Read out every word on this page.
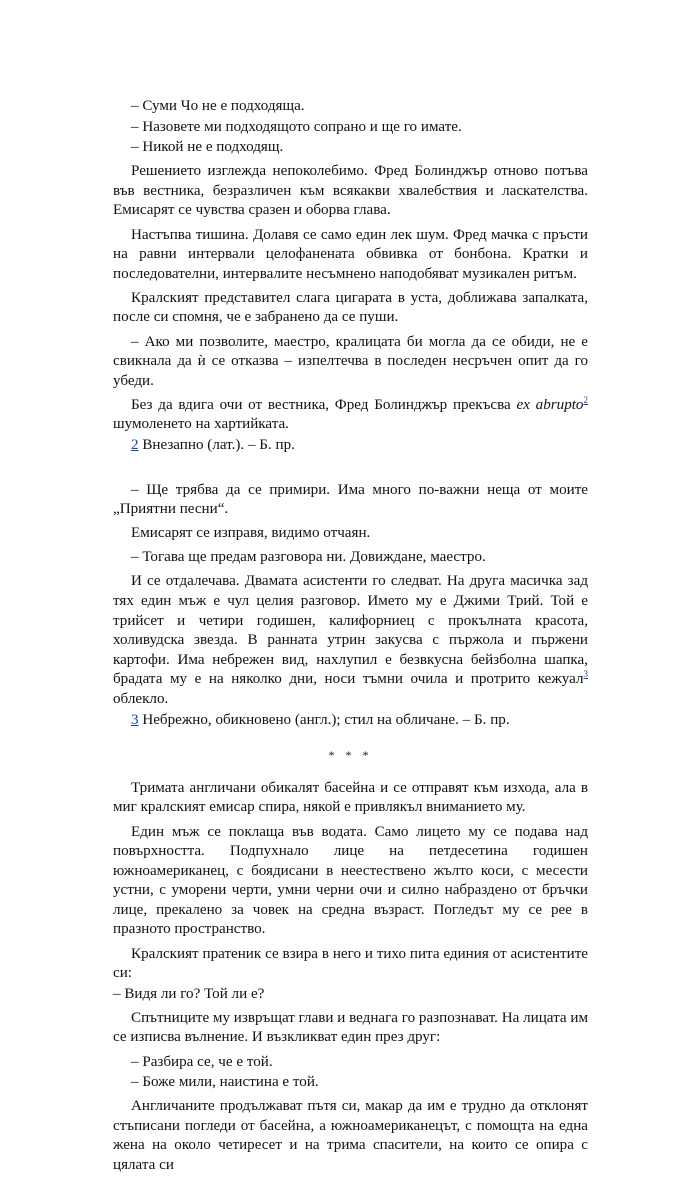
– Суми Чо не е подходяща.

– Назовете ми подходящото сопрано и ще го имате.

– Никой не е подходящ.

Решението изглежда непоколебимо. Фред Болинджър отново потъва във вестника, безразличен към всякакви хвалебствия и ласкателства. Емисарят се чувства сразен и оборва глава.

Настъпва тишина. Долавя се само един лек шум. Фред мачка с пръсти на равни интервали целофанената обвивка от бонбона. Кратки и последователни, интервалите несъмнено наподобяват музикален ритъм.

Кралският представител слага цигарата в уста, доближава запалката, после си спомня, че е забранено да се пуши.

– Ако ми позволите, маестро, кралицата би могла да се обиди, не е свикнала да ѝ се отказва – изпелтечва в последен несръчен опит да го убеди.

Без да вдига очи от вестника, Фред Болинджър прекъсва ex abrupto$^2$ шумоленето на хартийката.

2 Внезапно (лат.). – Б. пр.

– Ще трябва да се примири. Има много по-важни неща от моите „Приятни песни“.

Емисарят се изправя, видимо отчаян.

– Тогава ще предам разговора ни. Довиждане, маестро.

И се отдалечава. Двамата асистенти го следват. На друга масичка зад тях един мъж е чул целия разговор. Името му е Джими Трий. Той е трийсет и четири годишен, калифорниец с прокълнатa красота, холивудска звезда. В ранната утрин закусва с пържола и пържени картофи. Има небрежен вид, нахлупил е безвкусна бейзболна шапка, брадата му е на няколко дни, носи тъмни очила и протрито кежуал$^3$ облекло.

3 Небрежно, обикновено (англ.); стил на обличане. – Б. пр.

* * *

Тримата англичани обикалят басейна и се отправят към изхода, ала в миг кралският емисар спира, някой е привлякъл вниманието му.

Един мъж се поклаща във водата. Само лицето му се подава над повърхността. Подпухнало лице на петдесетина годишен южноамериканец, с боядисани в неестествено жълто коси, с месести устни, с уморени черти, умни черни очи и силно набраздено от бръчки лице, прекалено за човек на средна възраст. Погледът му се рее в празното пространство.

Кралският пратеник се взира в него и тихо пита единия от асистентите си:

– Видя ли го? Той ли е?

Спътниците му извръщат глави и веднага го разпознават. На лицата им се изписва вълнение. И възкликват един през друг:

– Разбира се, че е той.

– Боже мили, наистина е той.

Англичаните продължават пътя си, макар да им е трудно да отклонят стъписани погледи от басейна, а южноамериканецът, с помощта на една жена на около четиресет и на трима спасители, на които се опира с цялата си
